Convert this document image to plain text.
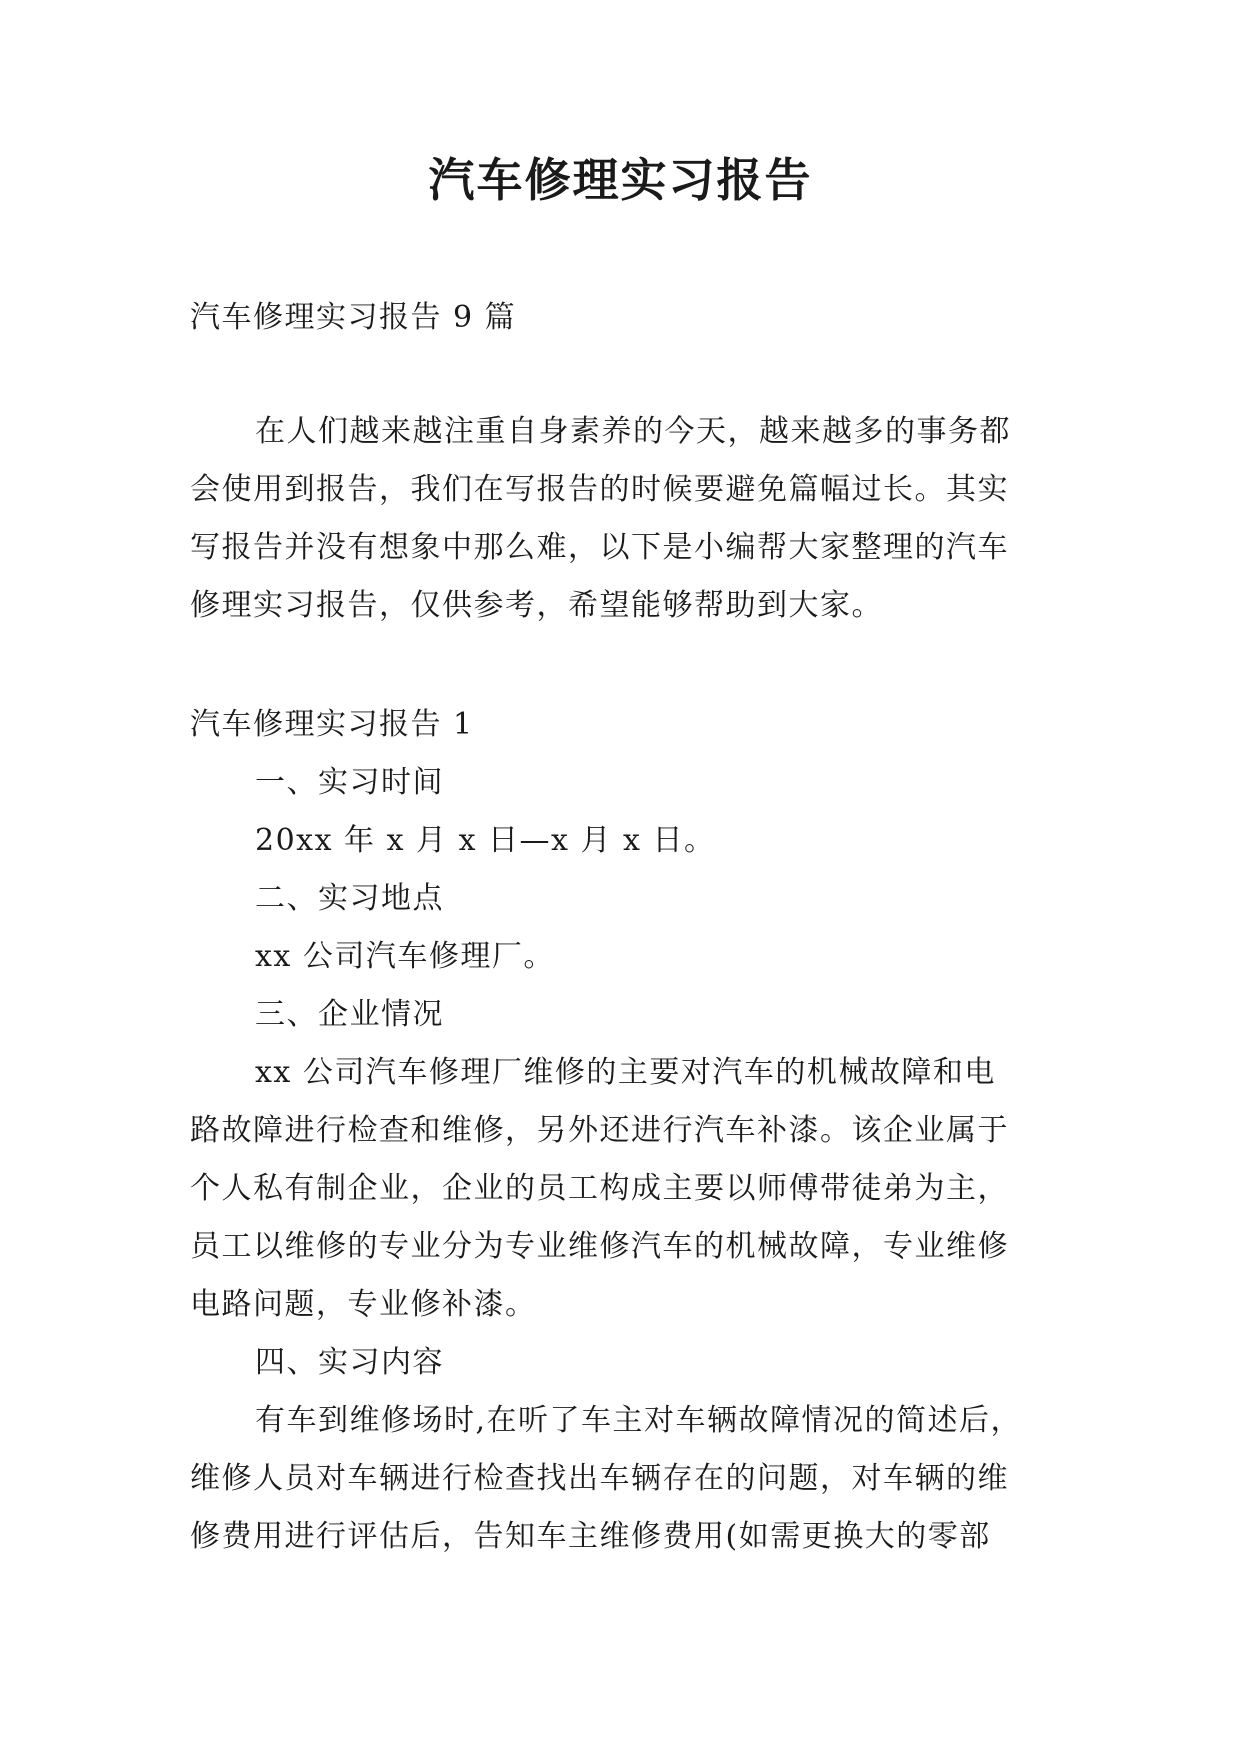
汽车修理实习报告
汽车修理实习报告 9 篇
在人们越来越注重自身素养的今天，越来越多的事务都
会使用到报告，我们在写报告的时候要避免篇幅过长。其实
写报告并没有想象中那么难，以下是小编帮大家整理的汽车
修理实习报告，仅供参考，希望能够帮助到大家。
汽车修理实习报告 1
一、实习时间
20xx 年 x 月 x 日—x 月 x 日。
二、实习地点
xx 公司汽车修理厂。
三、企业情况
xx 公司汽车修理厂维修的主要对汽车的机械故障和电
路故障进行检查和维修，另外还进行汽车补漆。该企业属于
个人私有制企业，企业的员工构成主要以师傅带徒弟为主，
员工以维修的专业分为专业维修汽车的机械故障，专业维修
电路问题，专业修补漆。
四、实习内容
有车到维修场时,在听了车主对车辆故障情况的简述后，
维修人员对车辆进行检查找出车辆存在的问题，对车辆的维
修费用进行评估后，告知车主维修费用(如需更换大的零部
